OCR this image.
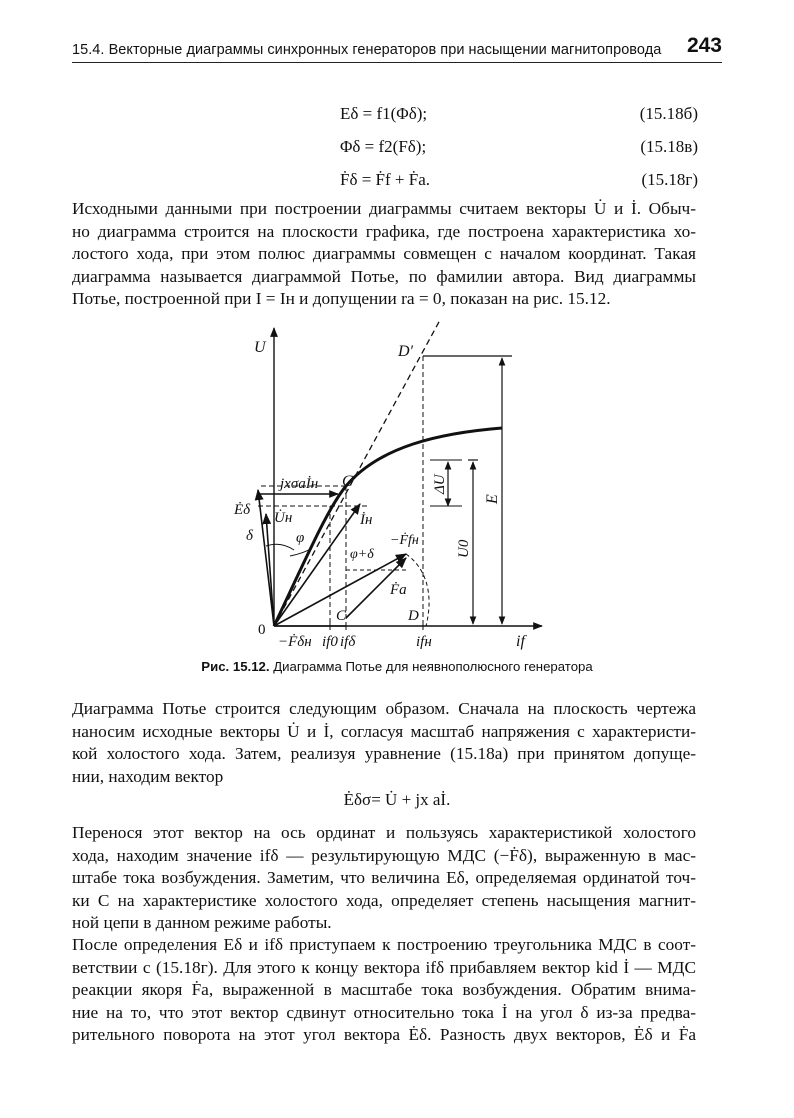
15.4. Векторные диаграммы синхронных генераторов при насыщении магнитопровода 243
Eδ = f1(Φδ);	(15.18б)
Φδ = f2(Fδ);	(15.18в)
Ḟδ = Ḟf + Ḟa.	(15.18г)
Исходными данными при построении диаграммы считаем векторы U̇ и İ. Обыч-
но диаграмма строится на плоскости графика, где построена характеристика хо-
лостого хода, при этом полюс диаграммы совмещен с началом координат. Такая
диаграмма называется диаграммой Потье, по фамилии автора. Вид диаграммы
Потье, построенной при I = Iн и допущении ra = 0, показан на рис. 15.12.
U	D′
C′
jxσaİн
Ėδ U̇н
δ	φ
İн
φ+δ
−Ḟfн
Ḟa
C	D
0
−Ḟδн if0 ifδ	ifн	if
ΔU
U0
E
Рис. 15.12. Диаграмма Потье для неявнополюсного генератора
Диаграмма Потье строится следующим образом. Сначала на плоскость чертежа
наносим исходные векторы U̇ и İ, согласуя масштаб напряжения с характеристи-
кой холостого хода. Затем, реализуя уравнение (15.18а) при принятом допуще-
нии, находим вектор
Ėδσ= U̇ + jx aİ.
Перенося этот вектор на ось ординат и пользуясь характеристикой холостого
хода, находим значение ifδ — результирующую МДС (−Ḟδ), выраженную в мас-
штабе тока возбуждения. Заметим, что величина Eδ, определяемая ординатой точ-
ки C на характеристике холостого хода, определяет степень насыщения магнит-
ной цепи в данном режиме работы.
После определения Eδ и ifδ приступаем к построению треугольника МДС в соот-
ветствии с (15.18г). Для этого к концу вектора ifδ прибавляем вектор kid İ — МДС
реакции якоря Ḟa, выраженной в масштабе тока возбуждения. Обратим внима-
ние на то, что этот вектор сдвинут относительно тока İ на угол δ из-за предва-
рительного поворота на этот угол вектора Ėδ. Разность двух векторов, Ėδ и Ḟa
